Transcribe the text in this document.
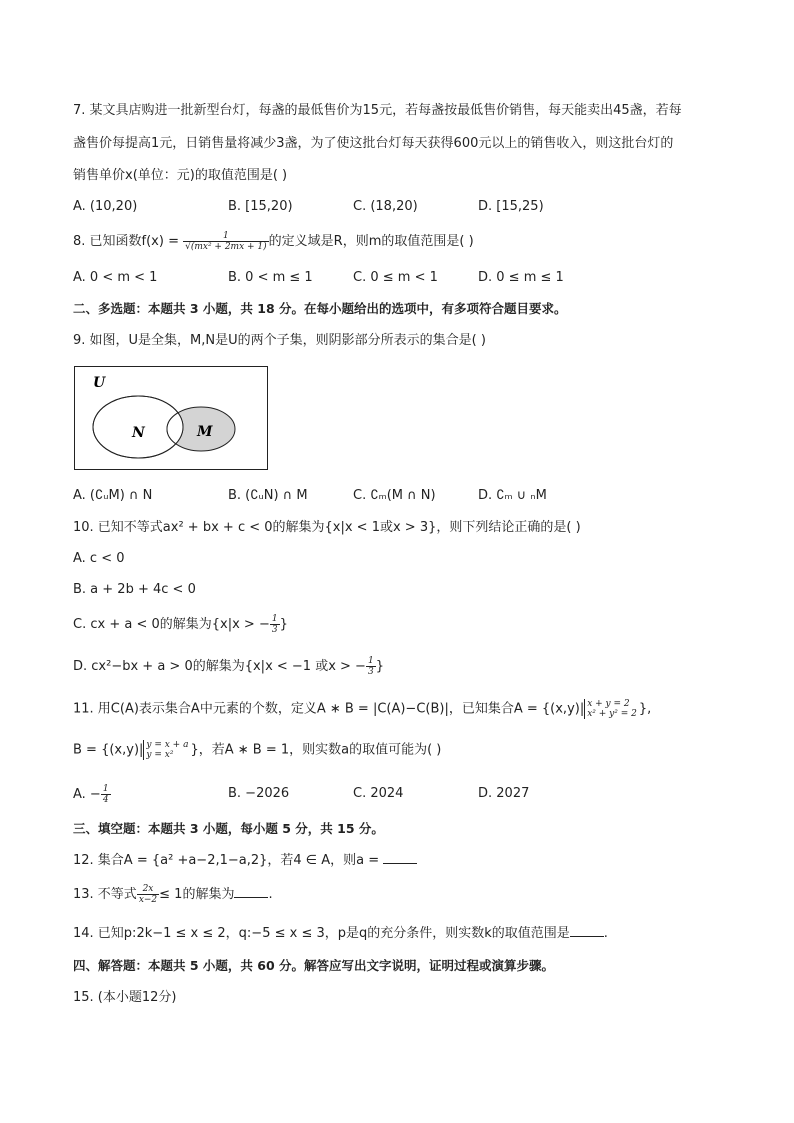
7. 某文具店购进一批新型台灯，每盏的最低售价为15元，若每盏按最低售价销售，每天能卖出45盏，若每
盏售价每提高1元，日销售量将减少3盏，为了使这批台灯每天获得600元以上的销售收入，则这批台灯的
销售单价x(单位：元)的取值范围是( )
A. (10,20)	B. [15,20)	C. (18,20)	D. [15,25)
8. 已知函数$f(x) = \frac{1}{\text{√(mx² + 2mx + 1)}}$ 的定义域是R，则m的取值范围是( )
A. 0 < m < 1	B. 0 < m ≤ 1	C. 0 ≤ m < 1	D. 0 ≤ m ≤ 1
二、多选题：本题共 3 小题，共 18 分。在每小题给出的选项中，有多项符合题目要求。
9. 如图，U是全集，M,N是U的两个子集，则阴影部分所表示的集合是( )
U
N	M
A. (∁ᵤM) ∩ N	B. (∁ᵤN) ∩ M	C. ∁ₘ(M ∩ N)	D. ∁ₘ ∪ ₙM
10. 已知不等式ax² + bx + c < 0的解集为{x|x < 1或x > 3}，则下列结论正确的是( )
A. c < 0
B. a + 2b + 4c < 0
C. cx + a < 0的解集为{x|x > − $\frac{1}{3}$ }
D. cx²−bx + a > 0的解集为{x|x < −1 或x > − $\frac{1}{3}$ }
11. 用C(A)表示集合A中元素的个数，定义A ∗ B = |C(A)−C(B)|，已知集合A = {(x,y)| x + y = 2
x² + y² = 2 },
B = {(x,y)| y = x + a
y = x²	}，若A ∗ B = 1，则实数a的取值可能为( )
A. − $\frac{1}{4}$	B. −2026	C. 2024	D. 2027
三、填空题：本题共 3 小题，每小题 5 分，共 15 分。
12. 集合A = {a² +a−2,1−a,2}，若4 ∈ A，则a =
13. 不等式 $\frac{2x}{x-2} \le 1$的解集为	.
14. 已知p:2k−1 ≤ x ≤ 2，q:−5 ≤ x ≤ 3，p是q的充分条件，则实数k的取值范围是	.
四、解答题：本题共 5 小题，共 60 分。解答应写出文字说明，证明过程或演算步骤。
15. (本小题12分)
